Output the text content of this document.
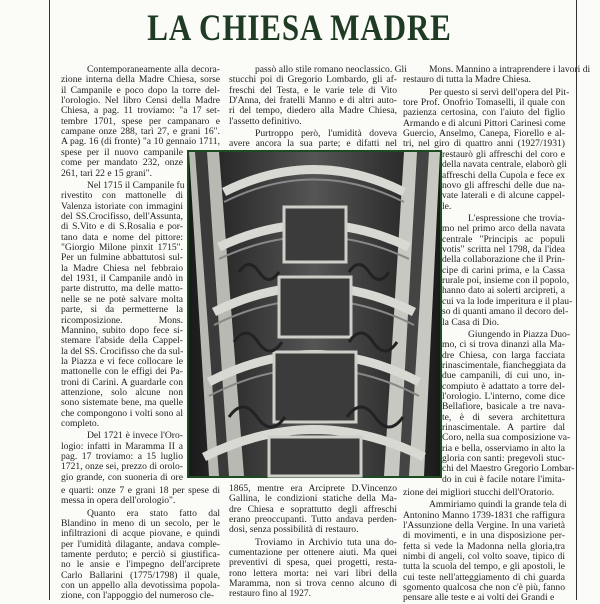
LA CHIESA MADRE
Contemporaneamente alla decora-
zione interna della Madre Chiesa, sorse
il Campanile e poco dopo la torre del-
l'orologio. Nel libro Censi della Madre
Chiesa, a pag. 11 troviamo: "a 17 set-
tembre 1701, spese per campanaro e
campane onze 288, tarì 27, e grani 16".
A pag. 16 (di fronte) "a 10 gennaio 1711,
spese per il nuovo campanile
come per mandato 232, onze
261, tarì 22 e 15 grani".
Nel 1715 il Campanile fu
rivestito con mattonelle di
Valenza istoriate con immagini
del SS.Crocifisso, dell'Assunta,
di S.Vito e di S.Rosalia e por-
tano data e nome del pittore:
"Giorgio Milone pinxit 1715".
Per un fulmine abbattutosi sul-
la Madre Chiesa nel febbraio
del 1931, il Campanile andò in
parte distrutto, ma delle matto-
nelle se ne potè salvare molta
parte, si da permetterne la
ricomposizione. Mons.
Mannino, subito dopo fece si-
stemare l'abside della Cappel-
la del SS. Crocifisso che da sul-
la Piazza e vi fece collocare le
mattonelle con le effigi dei Pa-
troni di Carini. A guardarle con
attenzione, solo alcune non
sono sistemate bene, ma quelle
che compongono i volti sono al
completo.
Del 1721 è invece l'Oro-
logio: infatti in Maramma II a
pag. 17 troviamo: a 15 luglio
1721, onze sei, prezzo di orolo-
gio grande, con suoneria di ore
e quarti: onze 7 e grani 18 per spese di
messa in opera dell'orologio".
Quanto era stato fatto dal
Blandino in meno di un secolo, per le
infiltrazioni di acque piovane, e quindi
per l'umidità dilagante, andava comple-
tamente perduto; e perciò si giustifica-
no le ansie e l'impegno dell'arciprete
Carlo Ballarini (1775/1798) il quale,
con un appello alla devotissima popola-
zione, con l'appoggio del numeroso cle-
passò allo stile romano neoclassico. Gli
stucchi poi di Gregorio Lombardo, gli af-
freschi del Testa, e le varie tele di Vito
D'Anna, dei fratelli Manno e di altri auto-
ri del tempo, diedero alla Madre Chiesa,
l'assetto definitivo.
Purtroppo però, l'umidità doveva
avere ancora la sua parte; e difatti nel
1865, mentre era Arciprete D.Vincenzo
Gallina, le condizioni statiche della Ma-
dre Chiesa e soprattutto degli affreschi
erano preoccupanti. Tutto andava perden-
dosi, senza possibilità di restauro.
Troviamo in Archivio tuta una do-
cumentazione per ottenere aiuti. Ma quei
preventivi di spesa, quei progetti, resta-
rono lettera morta: nei vari libri della
Maramma, non si trova cenno alcuno di
restauro fino al 1927.
Mons. Mannino a intraprendere i lavori di
restauro di tutta la Madre Chiesa.
Per questo si servì dell'opera del Pit-
tore Prof. Onofrio Tomaselli, il quale con
pazienza certosina, con l'aiuto del figlio
Armando e di alcuni Pittori Carinesi come
Guercio, Anselmo, Canepa, Fiorello e al-
tri, nel giro di quattro anni (1927/1931)
restaurò gli affreschi del coro e
della navata centrale, elaborò gli
affreschi della Cupola e fece ex
novo gli affreschi delle due na-
vate laterali e di alcune cappel-
le.
L'espressione che trovia-
mo nel primo arco della navata
centrale "Principis ac populi
votis" scritta nel 1798, da l'idea
della collaborazione che il Prin-
cipe di carini prima, e la Cassa
rurale poi, insieme con il popolo,
hanno dato ai solerti arcipreti, a
cui va la lode imperitura e il plau-
so di quanti amano il decoro del-
la Casa di Dio.
Giungendo in Piazza Duo-
mo, ci si trova dinanzi alla Ma-
dre Chiesa, con larga facciata
rinascimentale, fiancheggiata da
due campanili, di cui uno, in-
compiuto è adattato a torre del-
l'orologio. L'interno, come dice
Bellafiore, basicale a tre nava-
te, è di severa architettura
rinascimentale. A partire dal
Coro, nella sua composizione va-
ria e bella, osserviamo in alto la
gloria con santi: pregevoli stuc-
chi del Maestro Gregorio Lombar-
do in cui è facile notare l'imita-
zione dei migliori stucchi dell'Oratorio.
Ammiriamo quindi la grande tela di
Antonino Manno 1739-1831 che raffigura
l'Assunzione della Vergine. In una varietà
di movimenti, e in una disposizione per-
fetta si vede la Madonna nella gloria,tra
nimbi di angeli, col volto soave, tipico di
tutta la scuola del tempo, e gli apostoli, le
cui teste nell'atteggiamento di chi guarda
sgomento qualcosa che non c'è più, fanno
pensare alle teste e ai volti dei Grandi e
